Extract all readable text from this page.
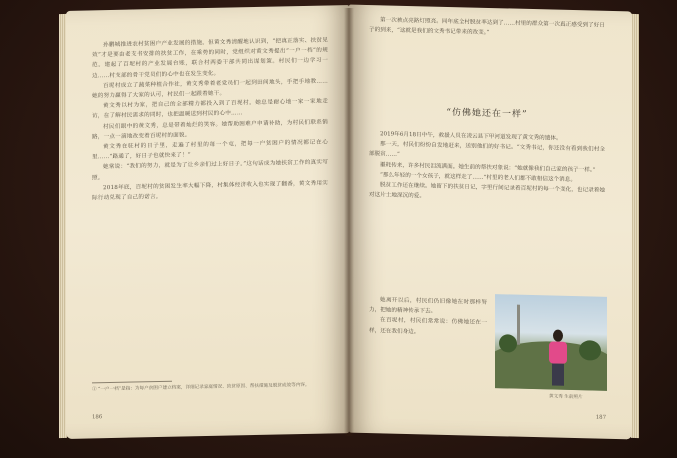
孙鹏城推进农村贫困户产业发展的措施。但黄文秀清醒地认识到，“把真正落实、扶贫见效”才是要由老支书安排的扶贫工作，在乘势的同时，党组织对黄文秀提出“一户一档”的规范。建起了百坭村的产业发展台账，联合村两委干部共同出谋划策。村民们一边学习一边……村支部的骨干党员们的心中也在发生变化。

百坭村成立了蔬菜种植合作社，黄文秀带着老党员们一起到田间地头，手把手地教……她的努力赢得了大家的认可，村民们一起跟着她干。

黄文秀以村为家，把自己的全部精力都投入到了百坭村。她总是耐心地一家一家地走访，在了解村民需求的同时，也把温暖送到村民的心中……

村民们眼中的黄文秀，总是带着灿烂的笑容。她帮助困难户申请补助，为村民们联系销路，一点一滴地改变着百坭村的面貌。

黄文秀在驻村的日子里，走遍了村里的每一个屯，把每一户贫困户的情况都记在心里……“路通了，好日子也就快来了！”

她常说：“我们的努力，就是为了让乡亲们过上好日子。”这句话成为她扶贫工作的真实写照。

2018年底，百坭村的贫困发生率大幅下降，村集体经济收入也实现了翻番，黄文秀用实际行动兑现了自己的诺言。

① “一户一档”是指：为每户贫困户建立档案，详细记录家庭情况、致贫原因、帮扶措施及脱贫成效等内容。
186

第一次被点亮路灯照亮。同年底全村脱贫率达到了……村里的群众第一次真正感受到了好日子的到来，“这就是我们的文秀书记带来的改变。”

“仿佛她还在一样”

2019年6月18日中午，救援人员在凌云县下甲河道发现了黄文秀的遗体。

那一天，村民们纷纷自发地赶来，送别他们的好书记。“文秀书记，你还没有看到我们村全部脱贫……”

噩耗传来，许多村民泪流满面。她生前的帮扶对象说：“她就像我们自己家的孩子一样。”

“那么年轻的一个女孩子，就这样走了……”村里的老人们都不敢相信这个消息。

脱贫工作还在继续。她留下的扶贫日记，字里行间记录着百坭村的每一个变化，也记录着她对这片土地深沉的爱。

她离开以后，村民们仍旧像她在时那样努力，把她的精神传承下去。

在百坭村，村民们常常说：仿佛她还在一样，还在我们身边。

黄文秀 生前照片
187
